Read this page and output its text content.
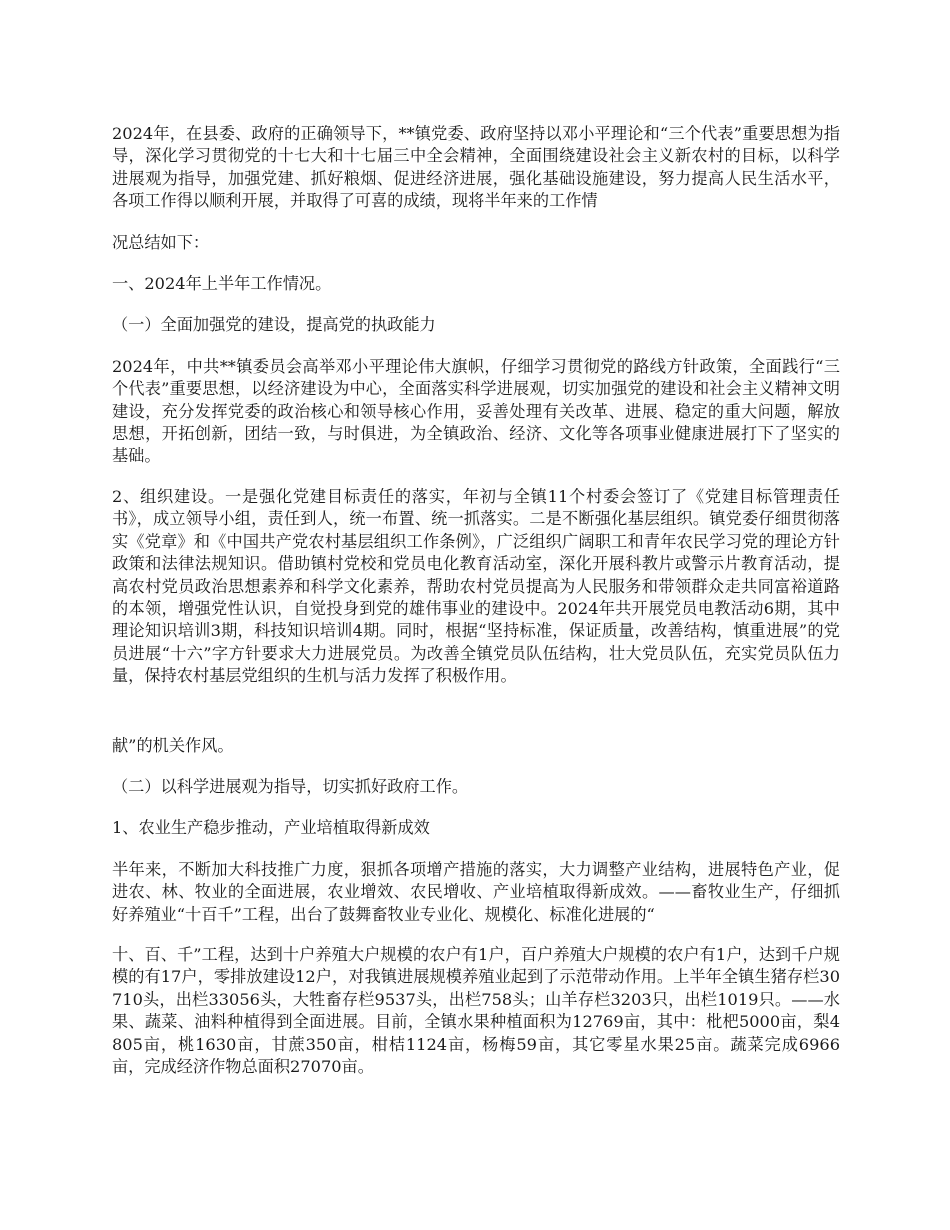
2024年，在县委、政府的正确领导下，**镇党委、政府坚持以邓小平理论和“三个代表”重要思想为指导，深化学习贯彻党的十七大和十七届三中全会精神，全面围绕建设社会主义新农村的目标，以科学进展观为指导，加强党建、抓好粮烟、促进经济进展，强化基础设施建设，努力提高人民生活水平，各项工作得以顺利开展，并取得了可喜的成绩，现将半年来的工作情

况总结如下：

一、2024年上半年工作情况。

（一）全面加强党的建设，提高党的执政能力

2024年，中共**镇委员会高举邓小平理论伟大旗帜，仔细学习贯彻党的路线方针政策，全面践行“三个代表”重要思想，以经济建设为中心，全面落实科学进展观，切实加强党的建设和社会主义精神文明建设，充分发挥党委的政治核心和领导核心作用，妥善处理有关改革、进展、稳定的重大问题，解放思想，开拓创新，团结一致，与时俱进，为全镇政治、经济、文化等各项事业健康进展打下了坚实的基础。

2、组织建设。一是强化党建目标责任的落实，年初与全镇11个村委会签订了《党建目标管理责任书》，成立领导小组，责任到人，统一布置、统一抓落实。二是不断强化基层组织。镇党委仔细贯彻落实《党章》和《中国共产党农村基层组织工作条例》，广泛组织广阔职工和青年农民学习党的理论方针政策和法律法规知识。借助镇村党校和党员电化教育活动室，深化开展科教片或警示片教育活动，提高农村党员政治思想素养和科学文化素养，帮助农村党员提高为人民服务和带领群众走共同富裕道路的本领，增强党性认识，自觉投身到党的雄伟事业的建设中。2024年共开展党员电教活动6期，其中理论知识培训3期，科技知识培训4期。同时，根据“坚持标准，保证质量，改善结构，慎重进展”的党员进展“十六”字方针要求大力进展党员。为改善全镇党员队伍结构，壮大党员队伍，充实党员队伍力量，保持农村基层党组织的生机与活力发挥了积极作用。

献”的机关作风。

（二）以科学进展观为指导，切实抓好政府工作。

1、农业生产稳步推动，产业培植取得新成效

半年来，不断加大科技推广力度，狠抓各项增产措施的落实，大力调整产业结构，进展特色产业，促进农、林、牧业的全面进展，农业增效、农民增收、产业培植取得新成效。——畜牧业生产，仔细抓好养殖业“十百千”工程，出台了鼓舞畜牧业专业化、规模化、标准化进展的“

十、百、千”工程，达到十户养殖大户规模的农户有1户，百户养殖大户规模的农户有1户，达到千户规模的有17户，零排放建设12户，对我镇进展规模养殖业起到了示范带动作用。上半年全镇生猪存栏30710头，出栏33056头，大牲畜存栏9537头，出栏758头；山羊存栏3203只，出栏1019只。——水果、蔬菜、油料种植得到全面进展。目前，全镇水果种植面积为12769亩，其中：枇杷5000亩，梨4805亩，桃1630亩，甘蔗350亩，柑桔1124亩，杨梅59亩，其它零星水果25亩。蔬菜完成6966亩，完成经济作物总面积27070亩。
